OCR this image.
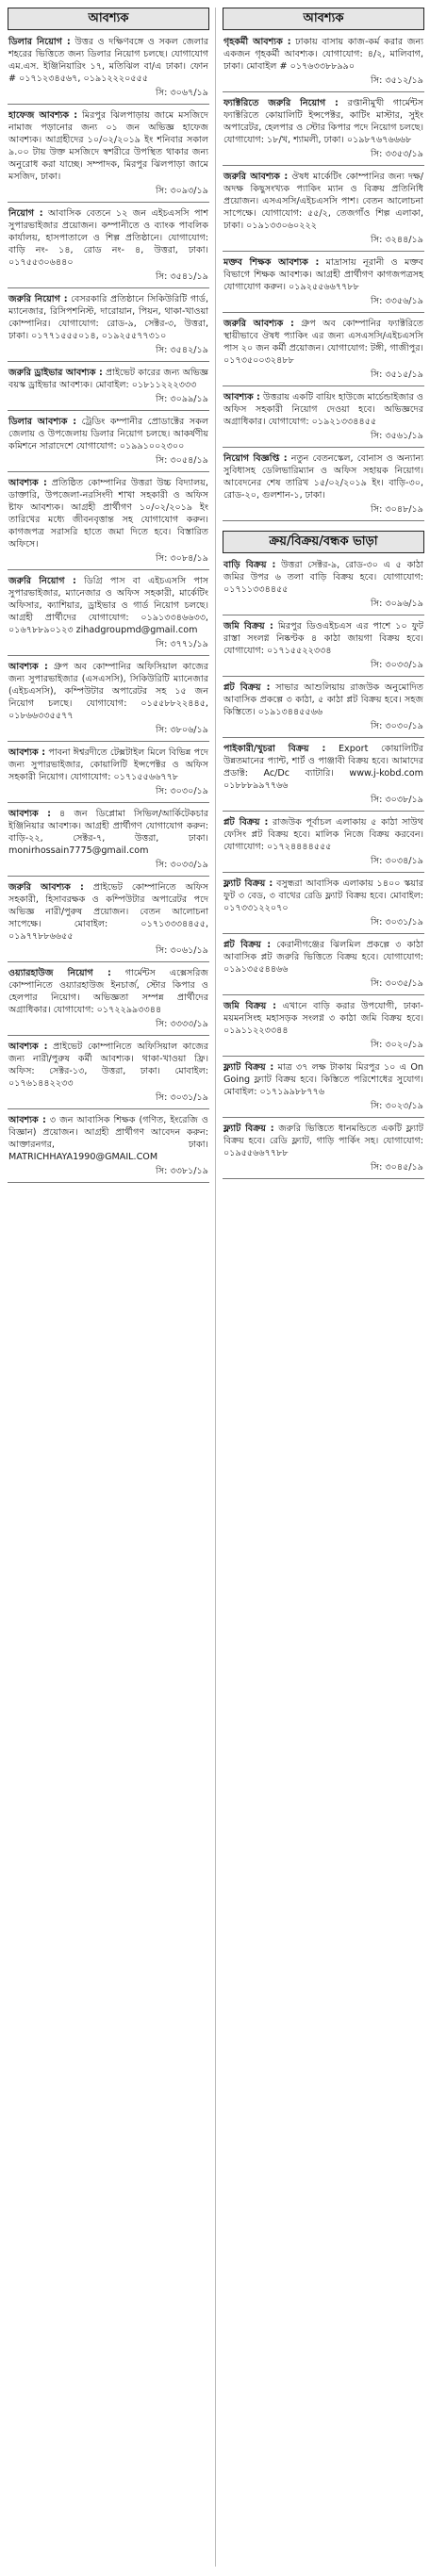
আবশ্যক

ডিলার নিয়োগ : উত্তর ও দক্ষিণবঙ্গে ও সকল জেলার শহরের ভিত্তিতে জন্য ডিলার নিয়োগ চলছে। যোগাযোগ এম.এস. ইঞ্জিনিয়ারিং ১৭, মতিঝিল বা/এ ঢাকা। ফোন # ০১৭১২৩৪৫৬৭, ০১৯১২২২০৫৫৫
সি: ৩০৬৭/১৯

হাফেজ আবশ্যক : মিরপুর ঝিলপাড়ায় জামে মসজিদে নামাজ পড়ানোর জন্য ০১ জন অভিজ্ঞ হাফেজ আবশ্যক। আগ্রহীদের ১০/০২/২০১৯ ইং শনিবার সকাল ৯.০০ টায় উক্ত মসজিদে স্বশরীরে উপস্থিত থাকার জন্য অনুরোধ করা যাচ্ছে। সম্পাদক, মিরপুর ঝিলপাড়া জামে মসজিদ, ঢাকা।
সি: ৩০৯৩/১৯

নিয়োগ : আবাসিক বেতনে ১২ জন এইচএসসি পাশ সুপারভাইজার প্রয়োজন। কম্পানীতে ও ব্যাংক পাবলিক কার্যালয়, হাসপাতালে ও শিল্প প্রতিষ্ঠানে। যোগাযোগ: বাড়ি নং- ১৪, রোড নং- ৪, উত্তরা, ঢাকা। ০১৭৫৫৩০৬৪৪০
সি: ৩৫৪১/১৯

জরুরি নিয়োগ : বেসরকারি প্রতিষ্ঠানে সিকিউরিটি গার্ড, ম্যানেজার, রিসিপশনিস্ট, দারোয়ান, পিয়ন, থাকা-খাওয়া কোম্পানির। যোগাযোগ: রোড-৯, সেক্টর-৩, উত্তরা, ঢাকা। ০১৭৭১৫৫৫০১৪, ০১৯২৫৫৭৭৩১০
সি: ৩৫৪২/১৯

জরুরি ড্রাইভার আবশ্যক : প্রাইভেট কারের জন্য অভিজ্ঞ বয়স্ক ড্রাইভার আবশ্যক। মোবাইল: ০১৮১১২২২৩৩৩
সি: ৩০৯৯/১৯

ডিলার আবশ্যক : ট্রেডিং কম্পানীর প্রোডাক্টের সকল জেলায় ও উপজেলায় ডিলার নিয়োগ চলছে। আকর্ষণীয় কমিশনে সারাদেশে যোগাযোগ: ০১৯৯১০০২৩০০
সি: ৩০৫৪/১৯

আবশ্যক : প্রতিষ্ঠিত কোম্পানির উত্তরা উচ্চ বিদ্যালয়, ডাক্তারি, উপজেলা-নরসিংদী শাখা সহকারী ও অফিস ষ্টাফ আবশ্যক। আগ্রহী প্রার্থীগণ ১০/০২/২০১৯ ইং তারিখের মধ্যে জীবনবৃত্তান্ত সহ যোগাযোগ করুন। কাগজপত্র সরাসরি হাতে জমা দিতে হবে। বিস্তারিত অফিসে।
সি: ৩০৮৪/১৯

জরুরি নিয়োগ : ডিগ্রি পাস বা এইচএসসি পাস সুপারভাইজার, ম্যানেজার ও অফিস সহকারী, মার্কেটিং অফিসার, ক্যাশিয়ার, ড্রাইভার ও গার্ড নিয়োগ চলছে। আগ্রহী প্রার্থীদের যোগাযোগ: ০১৯১৩৩৪৬৬৩৩, ০১৬৭৮৮৯০১২৩ zihadgroupmd@gmail.com
সি: ৩৭৭১/১৯

আবশ্যক : গ্রুপ অব কোম্পানির অফিসিয়াল কাজের জন্য সুপারভাইজার (এসএসসি), সিকিউরিটি ম্যানেজার (এইচএসসি), কম্পিউটার অপারেটর সহ ১৫ জন নিয়োগ চলছে। যোগাযোগ: ০১৫৫৮৮২২৪৪৫, ০১৮৬৬৩৩৫৫৭৭
সি: ৩৮০৬/১৯

আবশ্যক : পাবনা ঈশ্বরদীতে টেক্সটাইল মিলে বিভিন্ন পদে জন্য সুপারভাইজার, কোয়ালিটি ইন্সপেক্টর ও অফিস সহকারী নিয়োগ। যোগাযোগ: ০১৭১৫৫৬৬৭৭৮
সি: ৩০৩০/১৯

আবশ্যক : ৪ জন ডিপ্লোমা সিভিল/আর্কিটেকচার ইঞ্জিনিয়ার আবশ্যক। আগ্রহী প্রার্থীগণ যোগাযোগ করুন: বাড়ি-২২, সেক্টর-৭, উত্তরা, ঢাকা। monirhossain7775@gmail.com
সি: ৩০৩৩/১৯

জরুরি আবশ্যক : প্রাইভেট কোম্পানিতে অফিস সহকারী, হিসাবরক্ষক ও কম্পিউটার অপারেটর পদে অভিজ্ঞ নারী/পুরুষ প্রয়োজন। বেতন আলোচনা সাপেক্ষে। মোবাইল: ০১৭১৩৩৩৪৪৫৫, ০১৯৭৭৮৮৬৬৫৫
সি: ৩০৬১/১৯

ওয়্যারহাউজ নিয়োগ : গার্মেন্টস এক্সেসরিজ কোম্পানিতে ওয়্যারহাউজ ইনচার্জ, স্টোর কিপার ও হেলপার নিয়োগ। অভিজ্ঞতা সম্পন্ন প্রার্থীদের অগ্রাধিকার। যোগাযোগ: ০১৭২২৯৯৩৩৪৪
সি: ৩৩৩৩/১৯

আবশ্যক : প্রাইভেট কোম্পানিতে অফিসিয়াল কাজের জন্য নারী/পুরুষ কর্মী আবশ্যক। থাকা-খাওয়া ফ্রি। অফিস: সেক্টর-১৩, উত্তরা, ঢাকা। মোবাইল: ০১৭৬১৪৪২২৩৩
সি: ৩০৩১/১৯

আবশ্যক : ৩ জন আবাসিক শিক্ষক (গণিত, ইংরেজি ও বিজ্ঞান) প্রয়োজন। আগ্রহী প্রার্থীগণ আবেদন করুন: আক্তারনগর, ঢাকা। MATRICHHAYA1990@GMAIL.COM
সি: ৩৩৮১/১৯

আবশ্যক

গৃহকর্মী আবশ্যক : ঢাকায় বাসায় কাজ-কর্ম করার জন্য একজন গৃহকর্মী আবশ্যক। যোগাযোগ: ৪/২, মালিবাগ, ঢাকা। মোবাইল # ০১৭৬৩৩৮৮৯৯০
সি: ৩৫১২/১৯

ফ্যাক্টরিতে জরুরি নিয়োগ : রপ্তানীমুখী গার্মেন্টস ফ্যাক্টরিতে কোয়ালিটি ইন্সপেক্টর, কাটিং মাস্টার, সুইং অপারেটর, হেলপার ও স্টোর কিপার পদে নিয়োগ চলছে। যোগাযোগ: ১৮/খ, শ্যামলী, ঢাকা। ০১৯৮৭৬৭৬৬৬৮
সি: ৩৩৫৩/১৯

জরুরি আবশ্যক : ঔষধ মার্কেটিং কোম্পানির জন্য দক্ষ/অদক্ষ কিছুসংখ্যক প্যাকিং ম্যান ও বিক্রয় প্রতিনিধি প্রয়োজন। এসএসসি/এইচএসসি পাশ। বেতন আলোচনা সাপেক্ষে। যোগাযোগ: ৫৫/২, তেজগাঁও শিল্প এলাকা, ঢাকা। ০১৯১৩৩০৬০২২২
সি: ৩২৪৪/১৯

মক্তব শিক্ষক আবশ্যক : মাদ্রাসায় নূরানী ও মক্তব বিভাগে শিক্ষক আবশ্যক। আগ্রহী প্রার্থীগণ কাগজপত্রসহ যোগাযোগ করুন। ০১৯২৫৫৬৬৭৭৮৮
সি: ৩৩৫৬/১৯

জরুরি আবশ্যক : গ্রুপ অব কোম্পানির ফ্যাক্টরিতে স্থায়ীভাবে ঔষধ প্যাকিং এর জন্য এসএসসি/এইচএসসি পাস ২০ জন কর্মী প্রয়োজন। যোগাযোগ: টঙ্গী, গাজীপুর। ০১৭৩৫০০৩২৪৮৮
সি: ৩৫১৫/১৯

আবশ্যক : উত্তরায় একটি বায়িং হাউজে মার্চেন্ডাইজার ও অফিস সহকারী নিয়োগ দেওয়া হবে। অভিজ্ঞদের অগ্রাধিকার। যোগাযোগ: ০১৯২১৩৩৪৪৫৫
সি: ৩৫৬১/১৯

নিয়োগ বিজ্ঞপ্তি : নতুন বেতনস্কেল, বোনাস ও অন্যান্য সুবিধাসহ ডেলিভারিম্যান ও অফিস সহায়ক নিয়োগ। আবেদনের শেষ তারিখ ১৫/০২/২০১৯ ইং। বাড়ি-৩০, রোড-২০, গুলশান-১, ঢাকা।
সি: ৩০৪৮/১৯

ক্রয়/বিক্রয়/বন্ধক ভাড়া

বাড়ি বিক্রয় : উত্তরা সেক্টর-৯, রোড-৩০ এ ৫ কাঠা জমির উপর ৬ তলা বাড়ি বিক্রয় হবে। যোগাযোগ: ০১৭১১৩৩৪৪৫৫
সি: ৩০৯৬/১৯

জমি বিক্রয় : মিরপুর ডিওএইচএস এর পাশে ১০ ফুট রাস্তা সংলগ্ন নিষ্কণ্টক ৪ কাঠা জায়গা বিক্রয় হবে। যোগাযোগ: ০১৭১৫৫২২৩৩৪
সি: ৩০৩৩/১৯

প্লট বিক্রয় : সাভার আশুলিয়ায় রাজউক অনুমোদিত আবাসিক প্রকল্পে ৩ কাঠা, ৫ কাঠা প্লট বিক্রয় হবে। সহজ কিস্তিতে। ০১৯১৩৪৪৫৫৬৬
সি: ৩০৩০/১৯

পাইকারী/খুচরা বিক্রয় : Export কোয়ালিটির উন্নতমানের প্যান্ট, শার্ট ও পাঞ্জাবী বিক্রয় হবে। আমাদের প্রডাক্ট: Ac/Dc ব্যাটারি। www.j-kobd.com ০১৮৮৮৯৯৭৭৬৬
সি: ৩০৩৮/১৯

প্লট বিক্রয় : রাজউক পূর্বাচল এলাকায় ৫ কাঠা সাউথ ফেসিং প্লট বিক্রয় হবে। মালিক নিজে বিক্রয় করবেন। যোগাযোগ: ০১৭২৪৪৪৪৫৫৫
সি: ৩০৩৪/১৯

ফ্ল্যাট বিক্রয় : বসুন্ধরা আবাসিক এলাকায় ১৪০০ স্কয়ার ফুট ৩ বেড, ৩ বাথের রেডি ফ্ল্যাট বিক্রয় হবে। মোবাইল: ০১৭৩৩১২২০৭০
সি: ৩০৩১/১৯

প্লট বিক্রয় : কেরানীগঞ্জের ঝিলমিল প্রকল্পে ৩ কাঠা আবাসিক প্লট জরুরি ভিত্তিতে বিক্রয় হবে। যোগাযোগ: ০১৯১৩৫৫৪৪৬৬
সি: ৩০৩৫/১৯

জমি বিক্রয় : এখানে বাড়ি করার উপযোগী, ঢাকা-ময়মনসিংহ মহাসড়ক সংলগ্ন ৩ কাঠা জমি বিক্রয় হবে। ০১৯১১২২৩৩৪৪
সি: ৩০২০/১৯

ফ্ল্যাট বিক্রয় : মাত্র ৩৭ লক্ষ টাকায় মিরপুর ১০ এ On Going ফ্ল্যাট বিক্রয় হবে। কিস্তিতে পরিশোধের সুযোগ। মোবাইল: ০১৭১৯৯৮৮৭৭৬
সি: ৩০২৩/১৯

ফ্ল্যাট বিক্রয় : জরুরি ভিত্তিতে ধানমন্ডিতে একটি ফ্ল্যাট বিক্রয় হবে। রেডি ফ্ল্যাট, গাড়ি পার্কিং সহ। যোগাযোগ: ০১৯৫৫৬৬৭৭৮৮
সি: ৩০৪৫/১৯
